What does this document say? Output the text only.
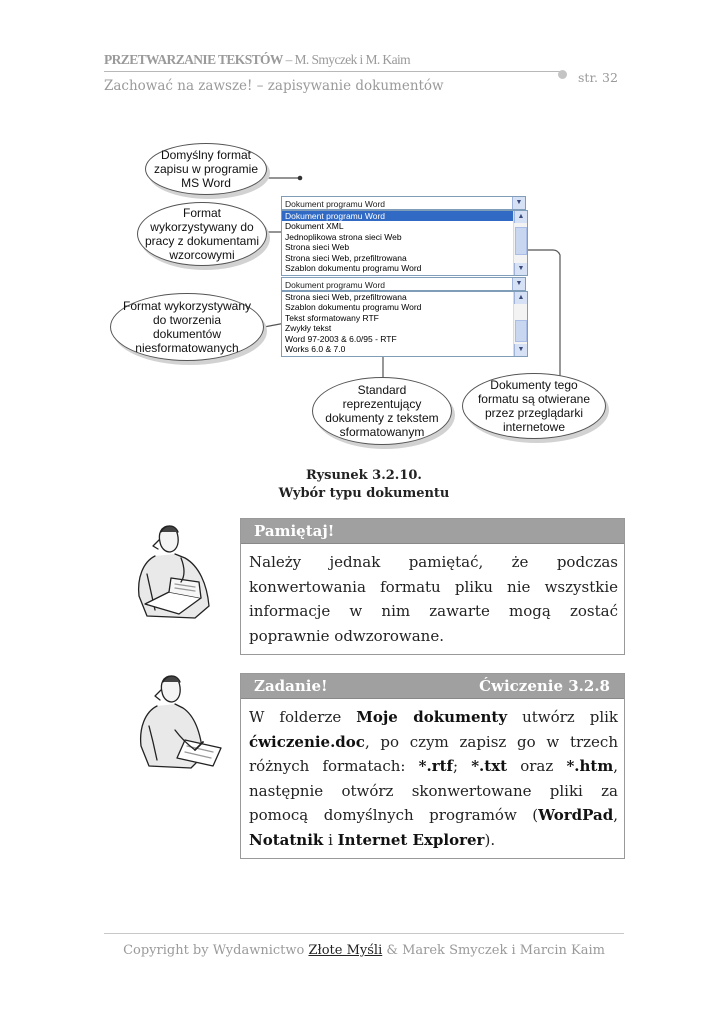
PRZETWARZANIE TEKSTÓW – M. Smyczek i M. Kaim
str. 32
Zachować na zawsze! – zapisywanie dokumentów
Dokument programu Word	▼
Dokument programu Word
Dokument XML
Jednoplikowa strona sieci Web
Strona sieci Web
Strona sieci Web, przefiltrowana
Szablon dokumentu programu Word
▲
▼
Dokument programu Word	▼
Strona sieci Web, przefiltrowana
Szablon dokumentu programu Word
Tekst sformatowany RTF
Zwykły tekst
Word 97-2003 & 6.0/95 - RTF
Works 6.0 & 7.0
▲
▼
Domyślny format
zapisu w programie
MS Word
Format
wykorzystywany do
pracy z dokumentami
wzorcowymi
Format wykorzystywany
do tworzenia
dokumentów
niesformatowanych
Standard
reprezentujący
dokumenty z tekstem
sformatowanym
Dokumenty tego
formatu są otwierane
przez przeglądarki
internetowe
Rysunek 3.2.10.
Wybór typu dokumentu
Pamiętaj!
Należy jednak pamiętać, że podczas konwertowania formatu pliku nie wszystkie informacje w nim zawarte mogą zostać poprawnie odwzorowane.
Zadanie!	Ćwiczenie 3.2.8
W folderze Moje dokumenty utwórz plik ćwiczenie.doc, po czym zapisz go w trzech różnych formatach: *.rtf; *.txt oraz *.htm, następnie otwórz skonwertowane pliki za pomocą domyślnych programów (WordPad, Notatnik i Internet Explorer).
Copyright by Wydawnictwo Złote Myśli & Marek Smyczek i Marcin Kaim
